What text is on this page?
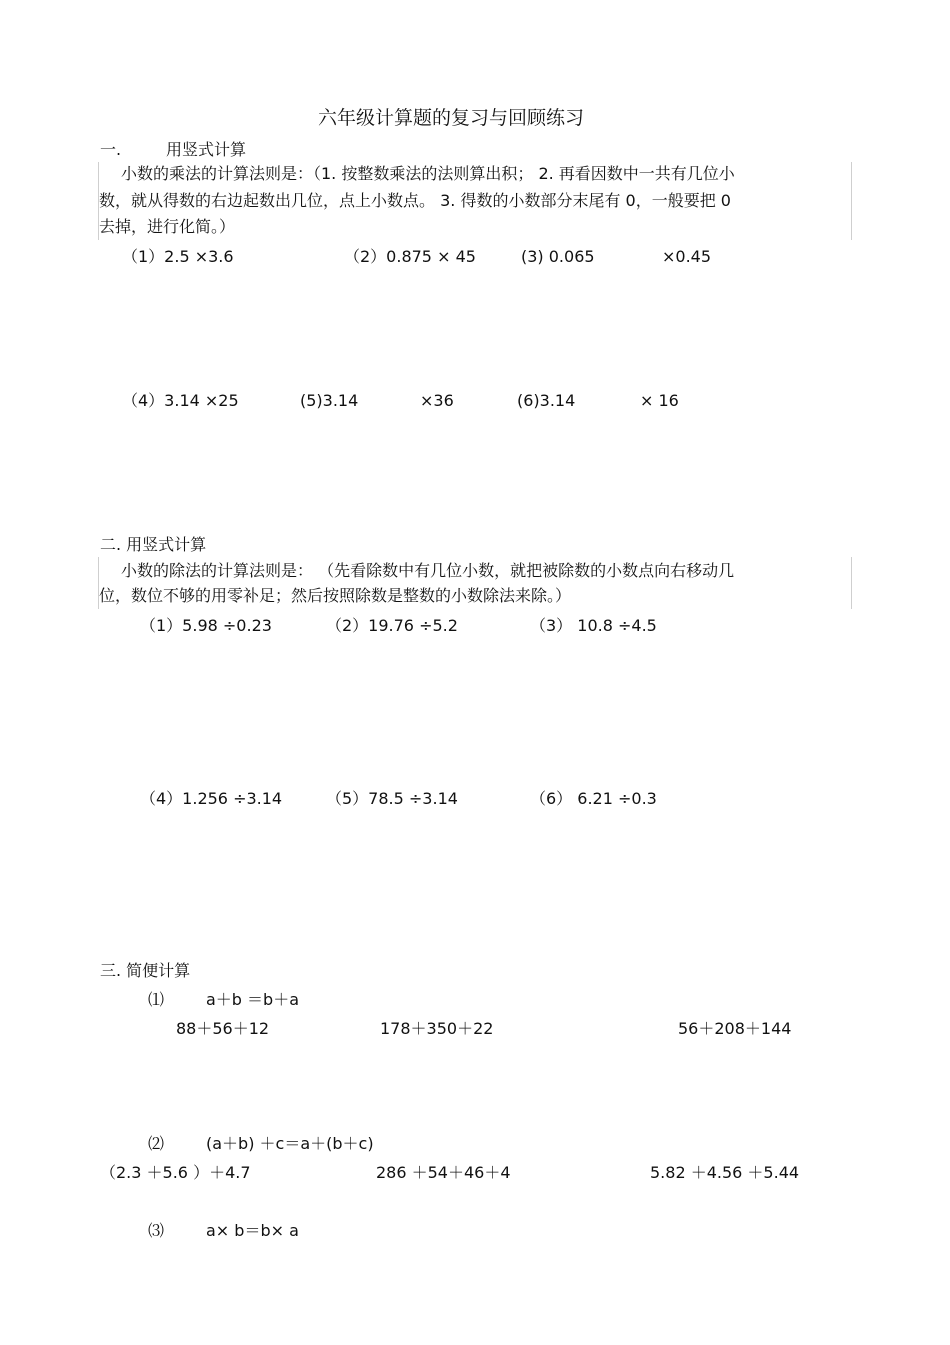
六年级计算题的复习与回顾练习
一.	用竖式计算
小数的乘法的计算法则是：（1. 按整数乘法的法则算出积； 2. 再看因数中一共有几位小
数，就从得数的右边起数出几位，点上小数点。 3. 得数的小数部分末尾有 0，一般要把 0
去掉，进行化简。）
（1）2.5 ×3.6	（2）0.875 × 45	(3) 0.065	×0.45
（4）3.14 ×25	(5)3.14	×36	(6)3.14	× 16
二. 用竖式计算
小数的除法的计算法则是： （先看除数中有几位小数，就把被除数的小数点向右移动几
位，数位不够的用零补足；然后按照除数是整数的小数除法来除。）
（1）5.98 ÷0.23	（2）19.76 ÷5.2	（3） 10.8 ÷4.5
（4）1.256 ÷3.14	（5）78.5 ÷3.14	（6） 6.21 ÷0.3
三. 简便计算
⑴	a＋b ＝b＋a
88＋56＋12	178＋350＋22	56＋208＋144
⑵	(a＋b) ＋c＝a＋(b＋c)
（2.3 ＋5.6 ）＋4.7	286 ＋54＋46＋4	5.82 ＋4.56 ＋5.44
⑶	a× b＝b× a
